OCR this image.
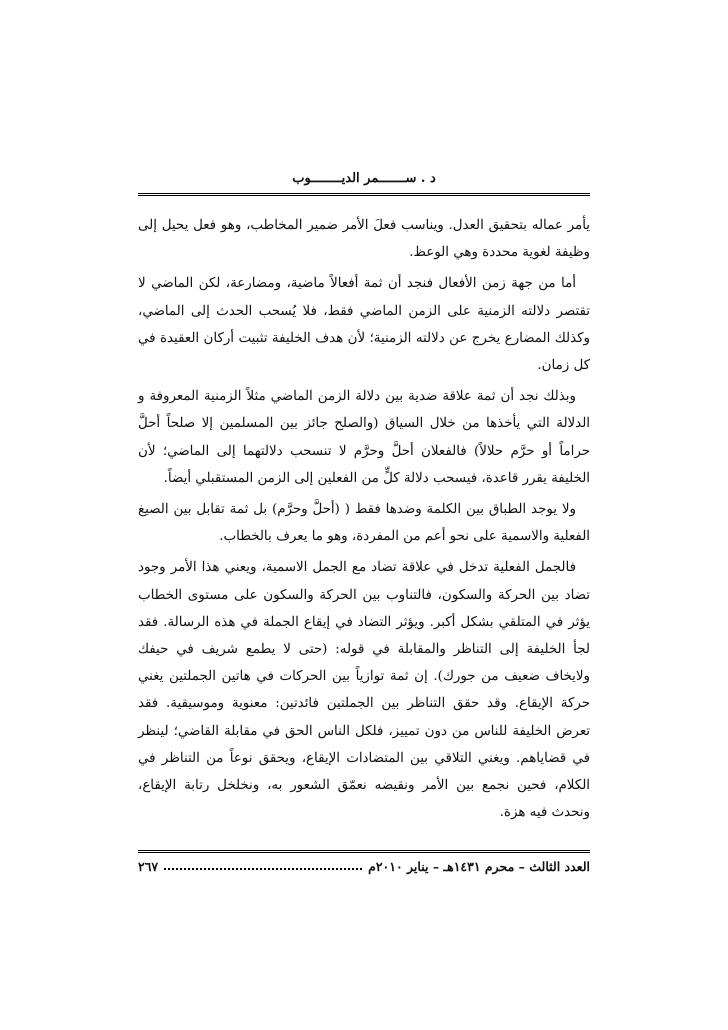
د . ســـــــمر الديــــــــوب

يأمر عماله بتحقيق العدل. ويناسب فعلَ الأمر ضمير المخاطب، وهو فعل يحيل إلى وظيفة لغوية محددة وهي الوعظ.

أما من جهة زمن الأفعال فنجد أن ثمة أفعالاً ماضية، ومضارعة، لكن الماضي لا تقتصر دلالته الزمنية على الزمن الماضي فقط، فلا يُسحب الحدث إلى الماضي، وكذلك المضارع يخرج عن دلالته الزمنية؛ لأن هدف الخليفة تثبيت أركان العقيدة في كل زمان.

وبذلك نجد أن ثمة علاقة ضدية بين دلالة الزمن الماضي مثلاً الزمنية المعروفة و الدلالة التي يأخذها من خلال السياق (والصلح جائز بين المسلمين إلا صلحاً أحلَّ حراماً أو حرَّم حلالاً) فالفعلان أحلَّ وحرَّم لا تنسحب دلالتهما إلى الماضي؛ لأن الخليفة يقرر قاعدة، فيسحب دلالة كلٍّ من الفعلين إلى الزمن المستقبلي أيضاً.

ولا يوجد الطباق بين الكلمة وضدها فقط ( (أحلَّ وحرَّم) بل ثمة تقابل بين الصيغ الفعلية والاسمية على نحو أعم من المفردة، وهو ما يعرف بالخطاب.

فالجمل الفعلية تدخل في علاقة تضاد مع الجمل الاسمية، ويعني هذا الأمر وجود تضاد بين الحركة والسكون، فالتناوب بين الحركة والسكون على مستوى الخطاب يؤثر في المتلقي بشكل أكبر. ويؤثر التضاد في إيقاع الجملة في هذه الرسالة. فقد لجأ الخليفة إلى التناظر والمقابلة في قوله: (حتى لا يطمع شريف في حيفك ولايخاف ضعيف من جورك). إن ثمة توازياً بين الحركات في هاتين الجملتين يغني حركة الإيقاع. وقد حقق التناظر بين الجملتين فائدتين: معنوية وموسيقية. فقد تعرض الخليفة للناس من دون تمييز، فلكل الناس الحق في مقابلة القاضي؛ لينظر في قضاياهم. ويغني التلاقي بين المتضادات الإيقاع، ويحقق نوعاً من التناظر في الكلام، فحين نجمع بين الأمر ونقيضه نعمّق الشعور به، ونخلخل رتابة الإيقاع، ونحدث فيه هزة.

العدد الثالث – محرم ١٤٣١هـ – يناير ٢٠١٠م
٢٦٧
